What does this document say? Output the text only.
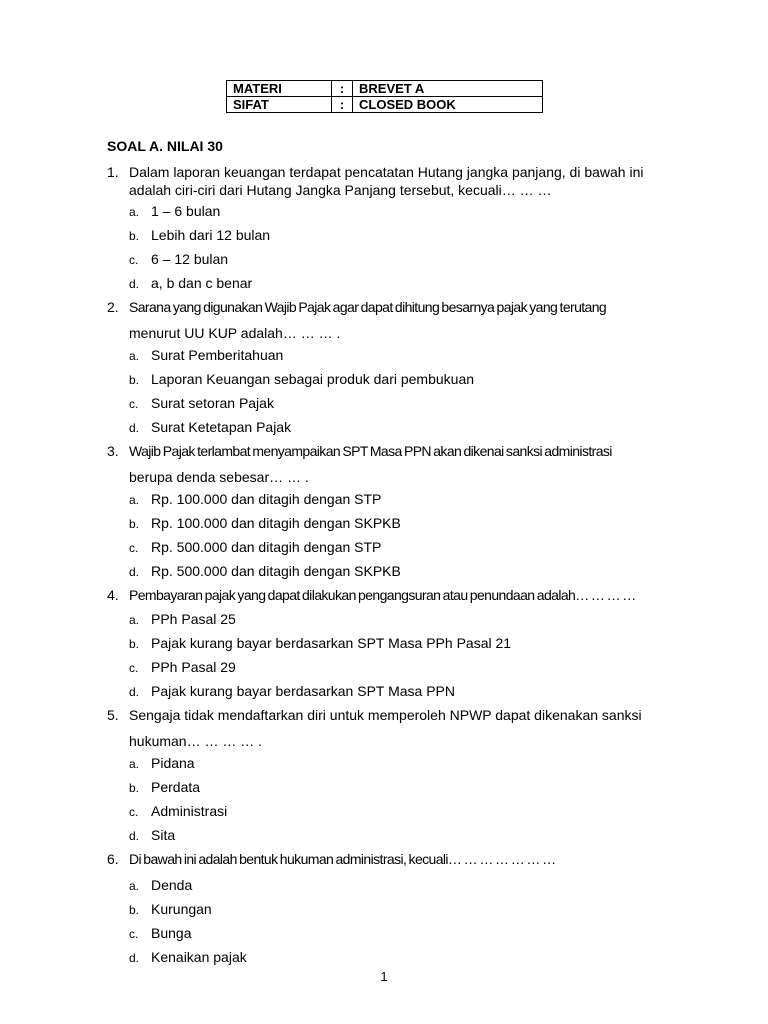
MATERI	:	BREVET A
SIFAT	:	CLOSED BOOK

SOAL A. NILAI 30

1. Dalam laporan keuangan terdapat pencatatan Hutang jangka panjang, di bawah ini
adalah ciri-ciri dari Hutang Jangka Panjang tersebut, kecuali… … …
a. 1 – 6 bulan
b. Lebih dari 12 bulan
c. 6 – 12 bulan
d. a, b dan c benar
2. Sarana yang digunakan Wajib Pajak agar dapat dihitung besarnya pajak yang terutang
menurut UU KUP adalah… … … .
a. Surat Pemberitahuan
b. Laporan Keuangan sebagai produk dari pembukuan
c. Surat setoran Pajak
d. Surat Ketetapan Pajak
3. Wajib Pajak terlambat menyampaikan SPT Masa PPN akan dikenai sanksi administrasi
berupa denda sebesar… … .
a. Rp. 100.000 dan ditagih dengan STP
b. Rp. 100.000 dan ditagih dengan SKPKB
c. Rp. 500.000 dan ditagih dengan STP
d. Rp. 500.000 dan ditagih dengan SKPKB
4. Pembayaran pajak yang dapat dilakukan pengangsuran atau penundaan adalah… … … …
a. PPh Pasal 25
b. Pajak kurang bayar berdasarkan SPT Masa PPh Pasal 21
c. PPh Pasal 29
d. Pajak kurang bayar berdasarkan SPT Masa PPN
5. Sengaja tidak mendaftarkan diri untuk memperoleh NPWP dapat dikenakan sanksi
hukuman… … … … .
a. Pidana
b. Perdata
c. Administrasi
d. Sita
6. Di bawah ini adalah bentuk hukuman administrasi, kecuali… … … … … … …
a. Denda
b. Kurungan
c. Bunga
d. Kenaikan pajak
1
